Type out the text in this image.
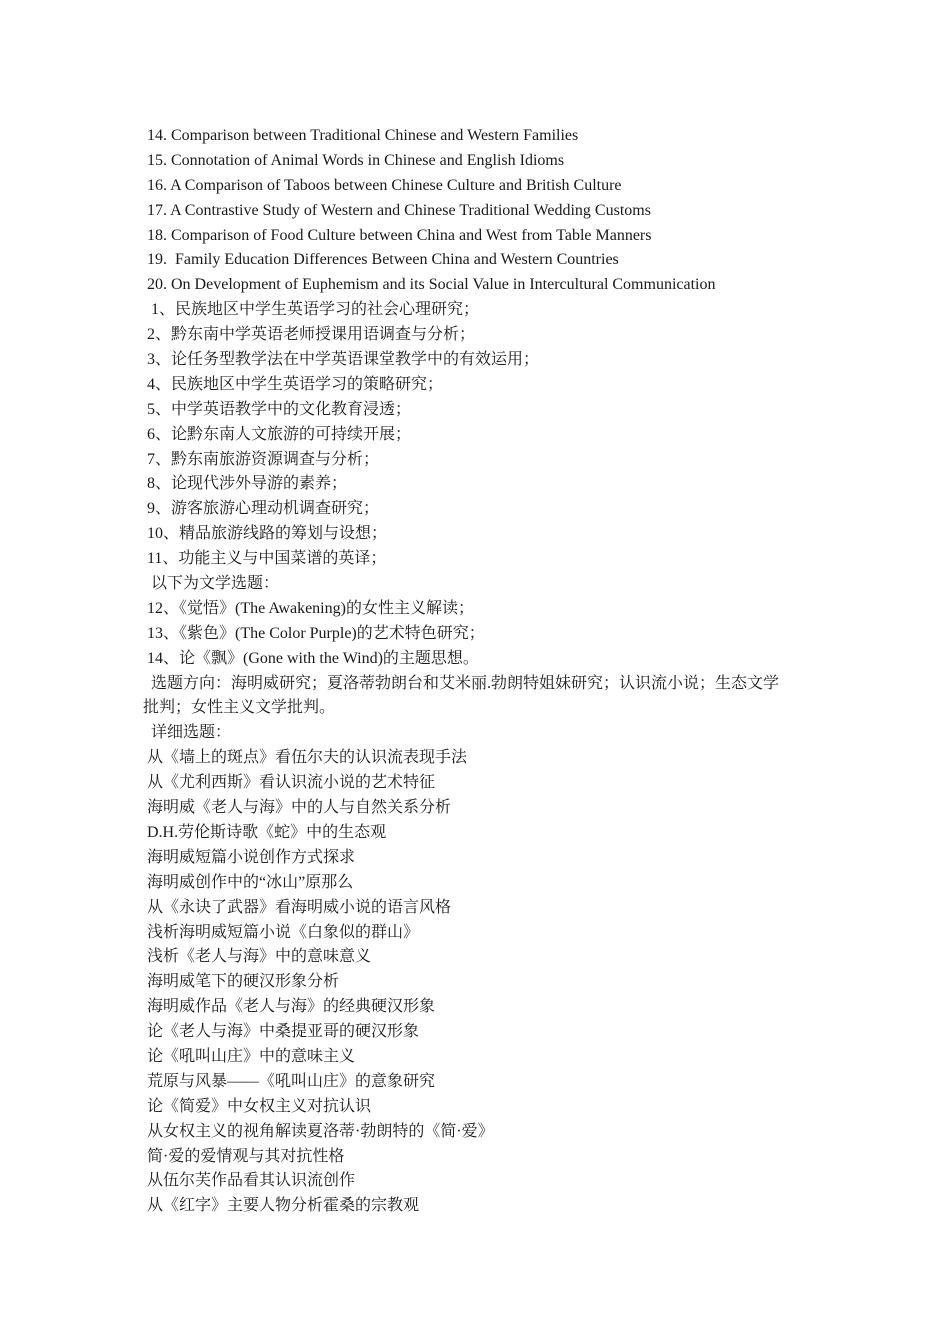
14. Comparison between Traditional Chinese and Western Families
15. Connotation of Animal Words in Chinese and English Idioms
16. A Comparison of Taboos between Chinese Culture and British Culture
17. A Contrastive Study of Western and Chinese Traditional Wedding Customs
18. Comparison of Food Culture between China and West from Table Manners
19.  Family Education Differences Between China and Western Countries
20. On Development of Euphemism and its Social Value in Intercultural Communication
1、民族地区中学生英语学习的社会心理研究；
2、黔东南中学英语老师授课用语调查与分析；
3、论任务型教学法在中学英语课堂教学中的有效运用；
4、民族地区中学生英语学习的策略研究；
5、中学英语教学中的文化教育浸透；
6、论黔东南人文旅游的可持续开展；
7、黔东南旅游资源调查与分析；
8、论现代涉外导游的素养；
9、游客旅游心理动机调查研究；
10、精品旅游线路的筹划与设想；
11、功能主义与中国菜谱的英译；
以下为文学选题：
12、《觉悟》(The Awakening)的女性主义解读；
13、《紫色》(The Color Purple)的艺术特色研究；
14、论《飘》(Gone with the Wind)的主题思想。
选题方向：海明威研究；夏洛蒂勃朗台和艾米丽.勃朗特姐妹研究；认识流小说；生态文学
批判；女性主义文学批判。
详细选题：
从《墙上的斑点》看伍尔夫的认识流表现手法
从《尤利西斯》看认识流小说的艺术特征
海明威《老人与海》中的人与自然关系分析
D.H.劳伦斯诗歌《蛇》中的生态观
海明威短篇小说创作方式探求
海明威创作中的“冰山”原那么
从《永诀了武器》看海明威小说的语言风格
浅析海明威短篇小说《白象似的群山》
浅析《老人与海》中的意味意义
海明威笔下的硬汉形象分析
海明威作品《老人与海》的经典硬汉形象
论《老人与海》中桑提亚哥的硬汉形象
论《吼叫山庄》中的意味主义
荒原与风暴——《吼叫山庄》的意象研究
论《简爱》中女权主义对抗认识
从女权主义的视角解读夏洛蒂·勃朗特的《简·爱》
简·爱的爱情观与其对抗性格
从伍尔芙作品看其认识流创作
从《红字》主要人物分析霍桑的宗教观
